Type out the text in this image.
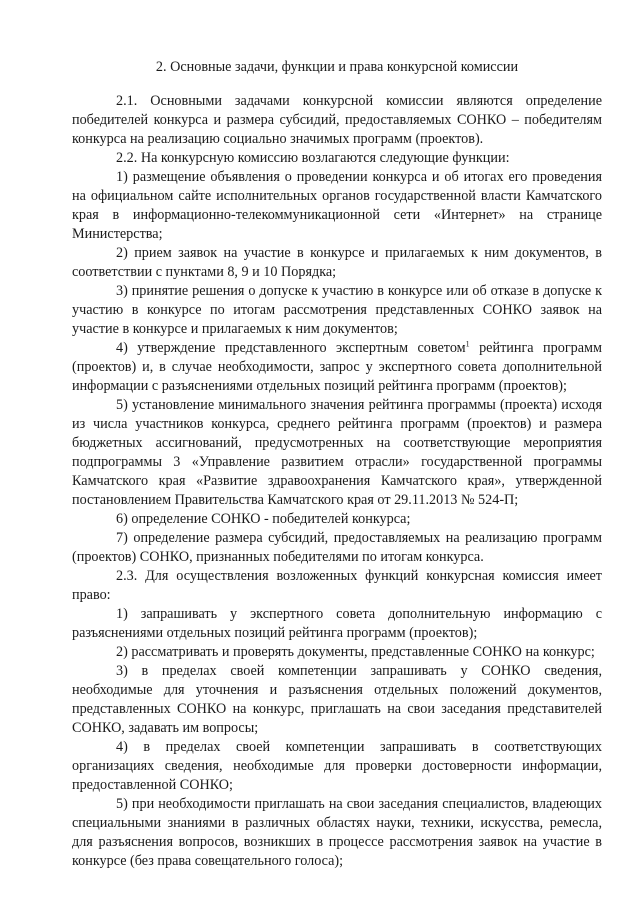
2. Основные задачи, функции и права конкурсной комиссии

2.1. Основными задачами конкурсной комиссии являются определение победителей конкурса и размера субсидий, предоставляемых СОНКО – победителям конкурса на реализацию социально значимых программ (проектов).

2.2. На конкурсную комиссию возлагаются следующие функции:

1) размещение объявления о проведении конкурса и об итогах его проведения на официальном сайте исполнительных органов государственной власти Камчатского края в информационно-телекоммуникационной сети «Интернет» на странице Министерства;

2) прием заявок на участие в конкурсе и прилагаемых к ним документов, в соответствии с пунктами 8, 9 и 10 Порядка;

3) принятие решения о допуске к участию в конкурсе или об отказе в допуске к участию в конкурсе по итогам рассмотрения представленных СОНКО заявок на участие в конкурсе и прилагаемых к ним документов;

4) утверждение представленного экспертным советом$^1$ рейтинга программ (проектов) и, в случае необходимости, запрос у экспертного совета дополнительной информации с разъяснениями отдельных позиций рейтинга программ (проектов);

5) установление минимального значения рейтинга программы (проекта) исходя из числа участников конкурса, среднего рейтинга программ (проектов) и размера бюджетных ассигнований, предусмотренных на соответствующие мероприятия подпрограммы 3 «Управление развитием отрасли» государственной программы Камчатского края «Развитие здравоохранения Камчатского края», утвержденной постановлением Правительства Камчатского края от 29.11.2013 № 524-П;

6) определение СОНКО - победителей конкурса;

7) определение размера субсидий, предоставляемых на реализацию программ (проектов) СОНКО, признанных победителями по итогам конкурса.

2.3. Для осуществления возложенных функций конкурсная комиссия имеет право:

1) запрашивать у экспертного совета дополнительную информацию с разъяснениями отдельных позиций рейтинга программ (проектов);

2) рассматривать и проверять документы, представленные СОНКО на конкурс;

3) в пределах своей компетенции запрашивать у СОНКО сведения, необходимые для уточнения и разъяснения отдельных положений документов, представленных СОНКО на конкурс, приглашать на свои заседания представителей СОНКО, задавать им вопросы;

4) в пределах своей компетенции запрашивать в соответствующих организациях сведения, необходимые для проверки достоверности информации, предоставленной СОНКО;

5) при необходимости приглашать на свои заседания специалистов, владеющих специальными знаниями в различных областях науки, техники, искусства, ремесла, для разъяснения вопросов, возникших в процессе рассмотрения заявок на участие в конкурсе (без права совещательного голоса);
